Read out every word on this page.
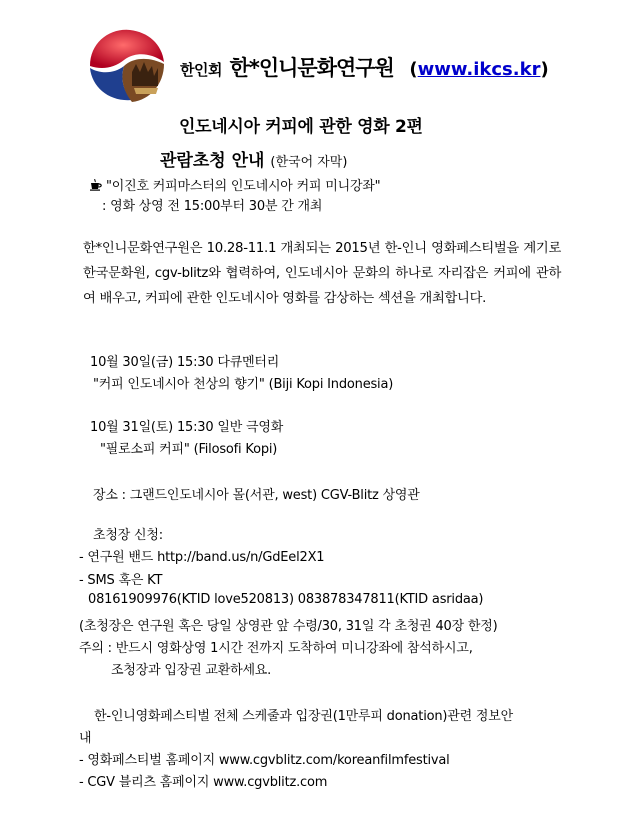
한인회 한*인니문화연구원 (www.ikcs.kr)
인도네시아 커피에 관한 영화 2편
관람초청 안내 (한국어 자막)
"이진호 커피마스터의 인도네시아 커피 미니강좌"
: 영화 상영 전 15:00부터 30분 간 개최
한*인니문화연구원은 10.28-11.1 개최되는 2015년 한-인니 영화페스티벌을 계기로 한국문화원, cgv-blitz와 협력하여, 인도네시아 문화의 하나로 자리잡은 커피에 관하여 배우고, 커피에 관한 인도네시아 영화를 감상하는 섹션을 개최합니다.
10월 30일(금) 15:30 다큐멘터리
"커피 인도네시아 천상의 향기" (Biji Kopi Indonesia)
10월 31일(토) 15:30 일반 극영화
"필로소피 커피" (Filosofi Kopi)
장소 : 그랜드인도네시아 몰(서관, west) CGV-Blitz 상영관
초청장 신청:
- 연구원 밴드 http://band.us/n/GdEel2X1
- SMS 혹은 KT
08161909976(KTID love520813) 083878347811(KTID asridaa)
(초청장은 연구원 혹은 당일 상영관 앞 수령/30, 31일 각 초청권 40장 한정)
주의 : 반드시 영화상영 1시간 전까지 도착하여 미니강좌에 참석하시고,
조청장과 입장권 교환하세요.
한-인니영화페스티벌 전체 스케줄과 입장권(1만루피 donation)관련 정보안
내
- 영화페스티벌 홈페이지 www.cgvblitz.com/koreanfilmfestival
- CGV 블리츠 홈페이지 www.cgvblitz.com
